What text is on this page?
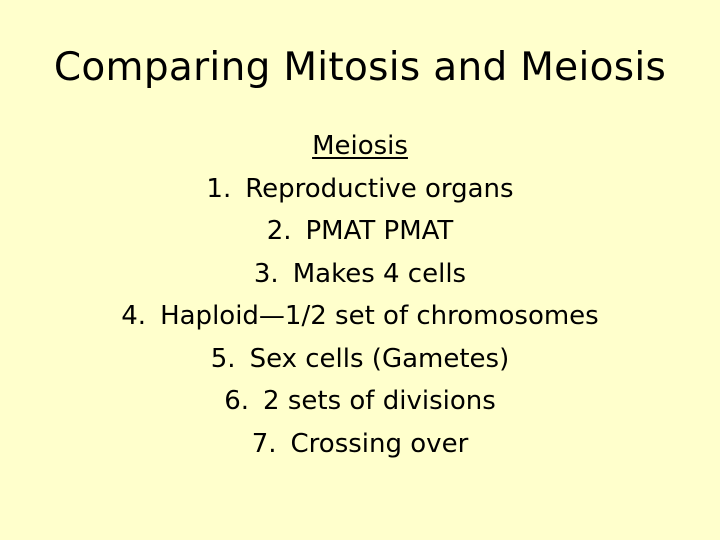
Comparing Mitosis and Meiosis
Meiosis
1. Reproductive organs
2. PMAT PMAT
3. Makes 4 cells
4. Haploid—1/2 set of chromosomes
5. Sex cells (Gametes)
6. 2 sets of divisions
7. Crossing over
